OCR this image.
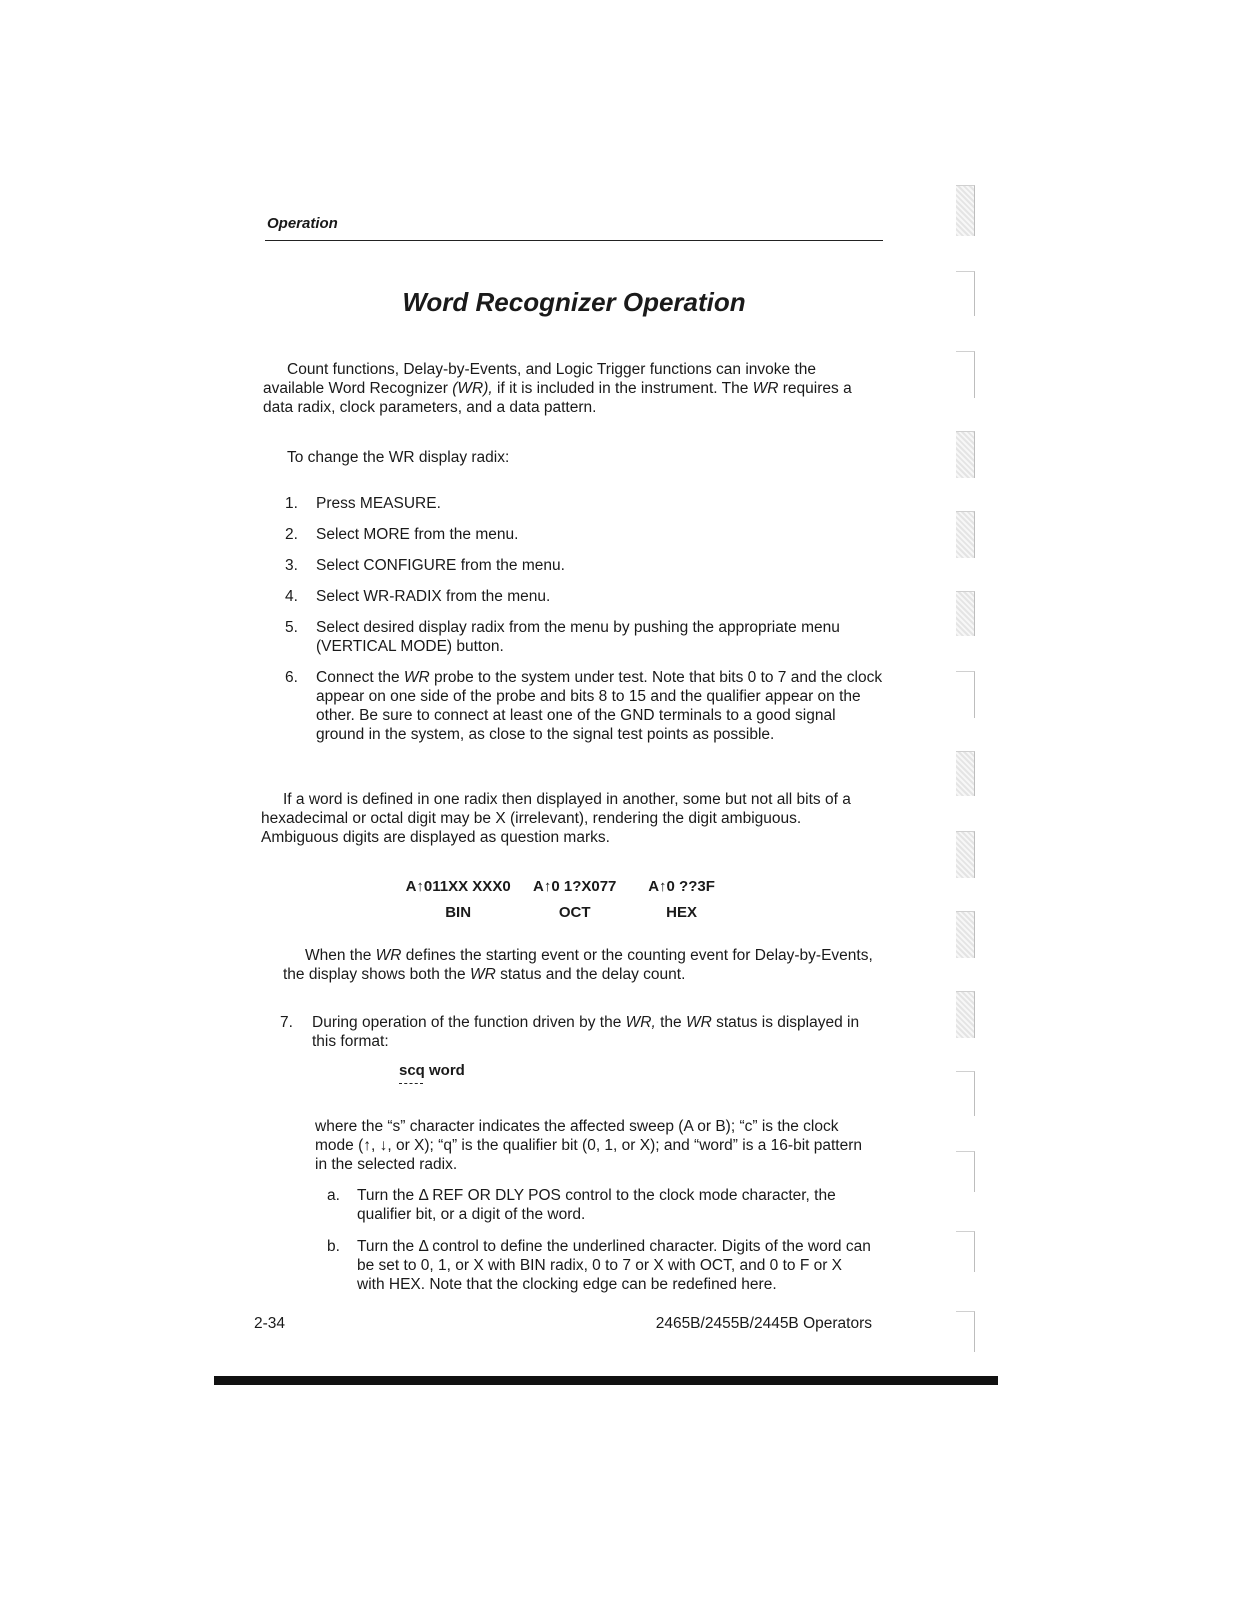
Operation
Word Recognizer Operation
Count functions, Delay-by-Events, and Logic Trigger functions can invoke the available Word Recognizer (WR), if it is included in the instrument. The WR requires a data radix, clock parameters, and a data pattern.
To change the WR display radix:
1. Press MEASURE.
2. Select MORE from the menu.
3. Select CONFIGURE from the menu.
4. Select WR-RADIX from the menu.
5. Select desired display radix from the menu by pushing the appropriate menu (VERTICAL MODE) button.
6. Connect the WR probe to the system under test. Note that bits 0 to 7 and the clock appear on one side of the probe and bits 8 to 15 and the qualifier appear on the other. Be sure to connect at least one of the GND terminals to a good signal ground in the system, as close to the signal test points as possible.
If a word is defined in one radix then displayed in another, some but not all bits of a hexadecimal or octal digit may be X (irrelevant), rendering the digit ambiguous. Ambiguous digits are displayed as question marks.
A↑011XX XXX0	A↑0 1?X077	A↑0 ??3F
BIN	OCT	HEX
When the WR defines the starting event or the counting event for Delay-by-Events, the display shows both the WR status and the delay count.
7. During operation of the function driven by the WR, the WR status is displayed in this format:
scq word
where the “s” character indicates the affected sweep (A or B); “c” is the clock mode (↑, ↓, or X); “q” is the qualifier bit (0, 1, or X); and “word” is a 16-bit pattern in the selected radix.
a. Turn the Δ REF OR DLY POS control to the clock mode character, the qualifier bit, or a digit of the word.
b. Turn the Δ control to define the underlined character. Digits of the word can be set to 0, 1, or X with BIN radix, 0 to 7 or X with OCT, and 0 to F or X with HEX. Note that the clocking edge can be redefined here.
2-34	2465B/2455B/2445B Operators
